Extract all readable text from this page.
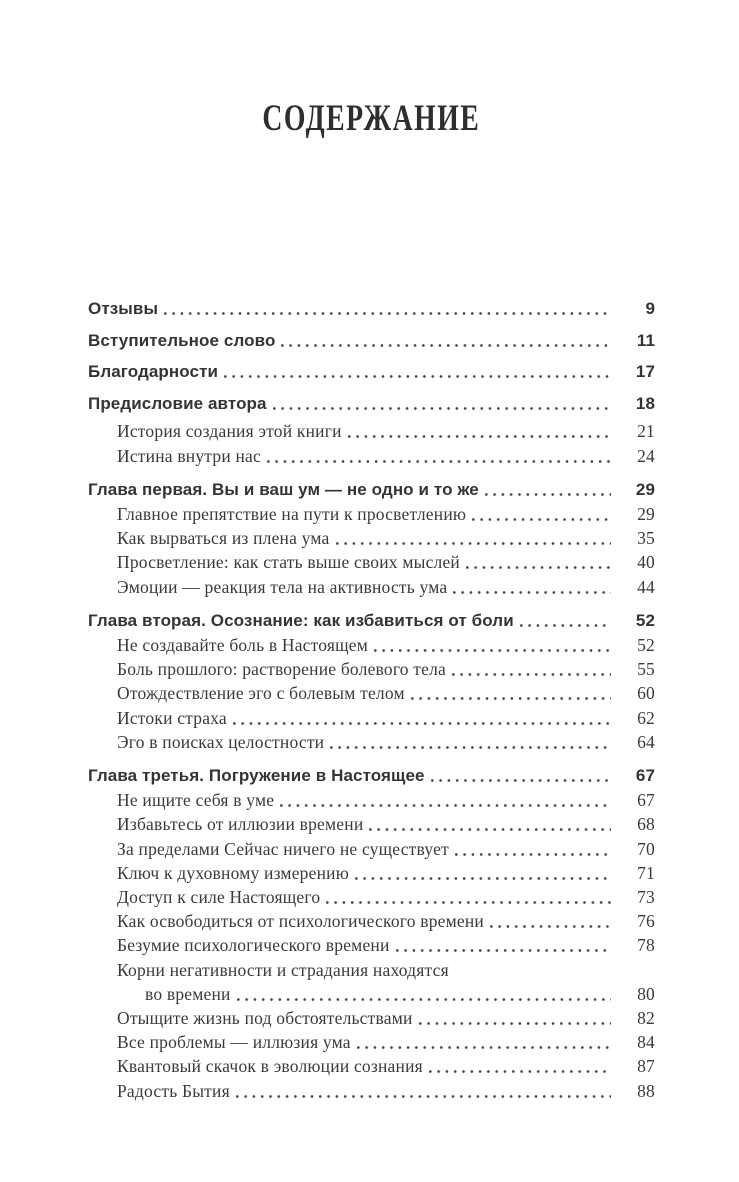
СОДЕРЖАНИЕ
Отзывы	9
Вступительное слово	11
Благодарности	17
Предисловие автора	18
История создания этой книги	21
Истина внутри нас	24
Глава первая. Вы и ваш ум — не одно и то же	29
Главное препятствие на пути к просветлению	29
Как вырваться из плена ума	35
Просветление: как стать выше своих мыслей	40
Эмоции — реакция тела на активность ума	44
Глава вторая. Осознание: как избавиться от боли	52
Не создавайте боль в Настоящем	52
Боль прошлого: растворение болевого тела	55
Отождествление эго с болевым телом	60
Истоки страха	62
Эго в поисках целостности	64
Глава третья. Погружение в Настоящее	67
Не ищите себя в уме	67
Избавьтесь от иллюзии времени	68
За пределами Сейчас ничего не существует	70
Ключ к духовному измерению	71
Доступ к силе Настоящего	73
Как освободиться от психологического времени	76
Безумие психологического времени	78
Корни негативности и страдания находятся
во времени	80
Отыщите жизнь под обстоятельствами	82
Все проблемы — иллюзия ума	84
Квантовый скачок в эволюции сознания	87
Радость Бытия	88
